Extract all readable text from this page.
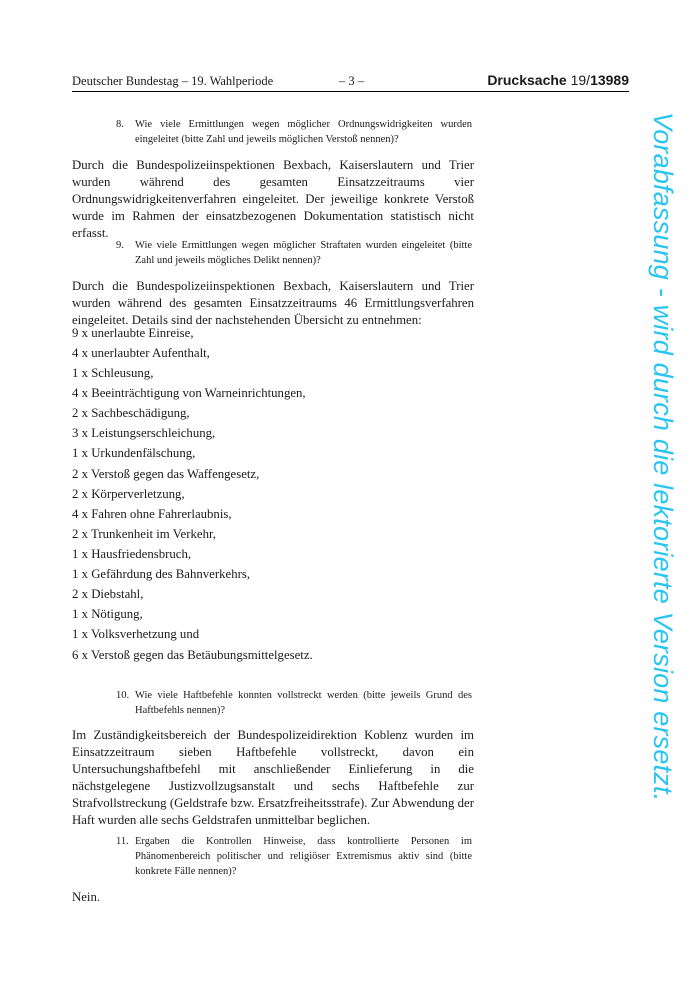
Deutscher Bundestag – 19. Wahlperiode	– 3 –	Drucksache 19/13989
Vorabfassung - wird durch die lektorierte Version ersetzt.
8.	Wie viele Ermittlungen wegen möglicher Ordnungswidrigkeiten wurden eingeleitet (bitte Zahl und jeweils möglichen Verstoß nennen)?
Durch die Bundespolizeiinspektionen Bexbach, Kaiserslautern und Trier wurden während des gesamten Einsatzzeitraums vier Ordnungswidrigkeitenverfahren eingeleitet. Der jeweilige konkrete Verstoß wurde im Rahmen der einsatzbezogenen Dokumentation statistisch nicht erfasst.
9.	Wie viele Ermittlungen wegen möglicher Straftaten wurden eingeleitet (bitte Zahl und jeweils mögliches Delikt nennen)?
Durch die Bundespolizeiinspektionen Bexbach, Kaiserslautern und Trier wurden während des gesamten Einsatzzeitraums 46 Ermittlungsverfahren eingeleitet. Details sind der nachstehenden Übersicht zu entnehmen:
9 x unerlaubte Einreise,
4 x unerlaubter Aufenthalt,
1 x Schleusung,
4 x Beeinträchtigung von Warneinrichtungen,
2 x Sachbeschädigung,
3 x Leistungserschleichung,
1 x Urkundenfälschung,
2 x Verstoß gegen das Waffengesetz,
2 x Körperverletzung,
4 x Fahren ohne Fahrerlaubnis,
2 x Trunkenheit im Verkehr,
1 x Hausfriedensbruch,
1 x Gefährdung des Bahnverkehrs,
2 x Diebstahl,
1 x Nötigung,
1 x Volksverhetzung und
6 x Verstoß gegen das Betäubungsmittelgesetz.
10. Wie viele Haftbefehle konnten vollstreckt werden (bitte jeweils Grund des Haftbefehls nennen)?
Im Zuständigkeitsbereich der Bundespolizeidirektion Koblenz wurden im Einsatzzeitraum sieben Haftbefehle vollstreckt, davon ein Untersuchungshaftbefehl mit anschließender Einlieferung in die nächstgelegene Justizvollzugsanstalt und sechs Haftbefehle zur Strafvollstreckung (Geldstrafe bzw. Ersatzfreiheitsstrafe). Zur Abwendung der Haft wurden alle sechs Geldstrafen unmittelbar beglichen.
11. Ergaben die Kontrollen Hinweise, dass kontrollierte Personen im Phänomenbereich politischer und religiöser Extremismus aktiv sind (bitte konkrete Fälle nennen)?
Nein.
